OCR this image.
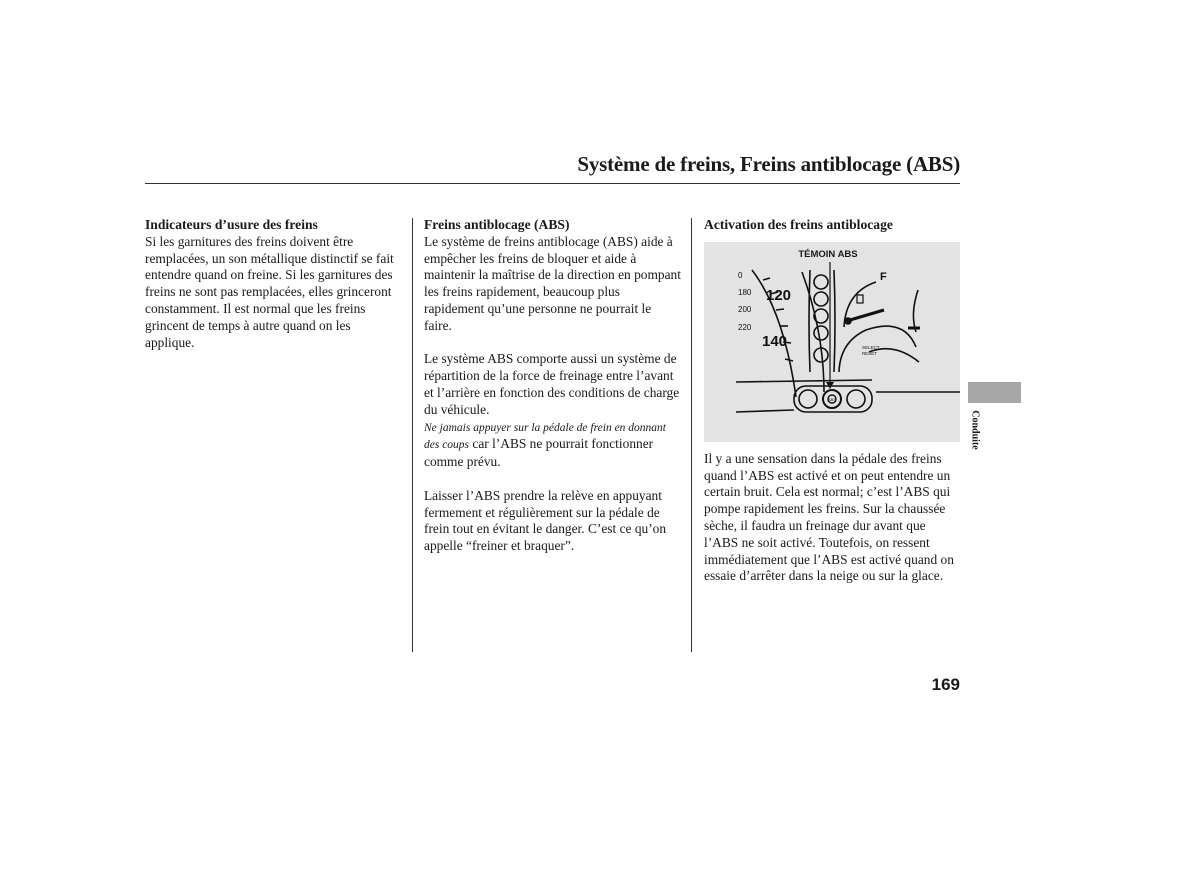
Système de freins, Freins antiblocage (ABS)

Indicateurs d’usure des freins

Si les garnitures des freins doivent être remplacées, un son métallique distinctif se fait entendre quand on freine. Si les garnitures des freins ne sont pas remplacées, elles grinceront constamment. Il est normal que les freins grincent de temps à autre quand on les applique.

Freins antiblocage (ABS)

Le système de freins antiblocage (ABS) aide à empêcher les freins de bloquer et aide à maintenir la maîtrise de la direction en pompant les freins rapidement, beaucoup plus rapidement qu’une personne ne pourrait le faire.

Le système ABS comporte aussi un système de répartition de la force de freinage entre l’avant et l’arrière en fonction des conditions de charge du véhicule.

Ne jamais appuyer sur la pédale de frein en donnant des coups car l’ABS ne pourrait fonctionner comme prévu.

Laisser l’ABS prendre la relève en appuyant fermement et régulièrement sur la pédale de frein tout en évitant le danger. C’est ce qu’on appelle “freiner et braquer”.

Activation des freins antiblocage

Il y a une sensation dans la pédale des freins quand l’ABS est activé et on peut entendre un certain bruit. Cela est normal; c’est l’ABS qui pompe rapidement les freins. Sur la chaussée sèche, il faudra un freinage dur avant que l’ABS ne soit activé. Toutefois, on ressent immédiatement que l’ABS est activé quand on essaie d’arrêter dans la neige ou sur la glace.

TÉMOIN ABS
ABS
0
180
200
220
120
140
F
SELECT
RESET

Conduite

169
